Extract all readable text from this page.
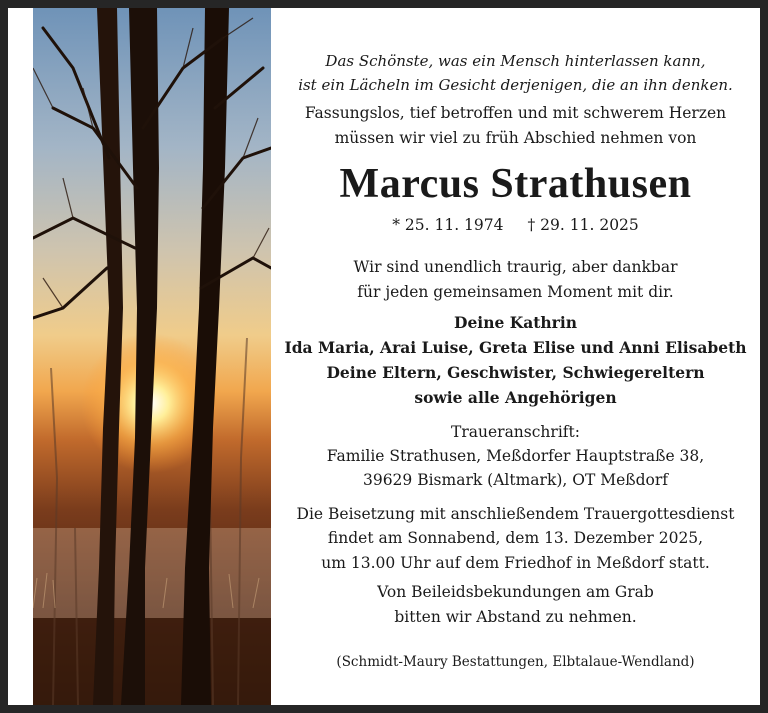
Das Schönste, was ein Mensch hinterlassen kann,
ist ein Lächeln im Gesicht derjenigen, die an ihn denken.
Fassungslos, tief betroffen und mit schwerem Herzen
müssen wir viel zu früh Abschied nehmen von
Marcus Strathusen
* 25. 11. 1974 † 29. 11. 2025
Wir sind unendlich traurig, aber dankbar
für jeden gemeinsamen Moment mit dir.
Deine Kathrin
Ida Maria, Arai Luise, Greta Elise und Anni Elisabeth
Deine Eltern, Geschwister, Schwiegereltern
sowie alle Angehörigen
Traueranschrift:
Familie Strathusen, Meßdorfer Hauptstraße 38,
39629 Bismark (Altmark), OT Meßdorf
Die Beisetzung mit anschließendem Trauergottesdienst
findet am Sonnabend, dem 13. Dezember 2025,
um 13.00 Uhr auf dem Friedhof in Meßdorf statt.
Von Beileidsbekundungen am Grab
bitten wir Abstand zu nehmen.
(Schmidt-Maury Bestattungen, Elbtalaue-Wendland)
